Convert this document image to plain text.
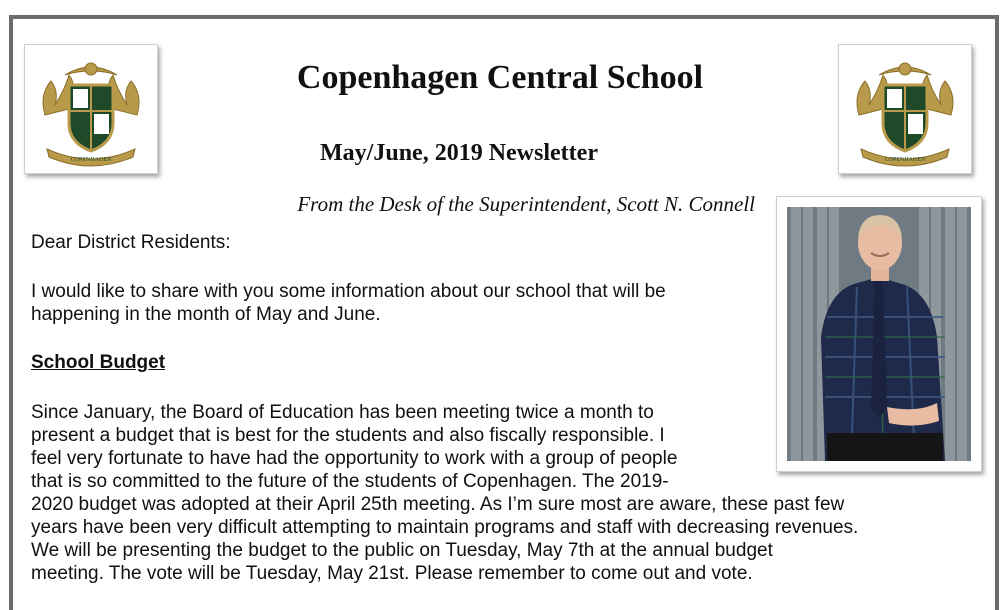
COPENHAGEN	COPENHAGEN
Copenhagen Central School
May/June, 2019 Newsletter
From the Desk of the Superintendent, Scott N. Connell
Dear District Residents:
I would like to share with you some information about our school that will be
happening in the month of May and June.
School Budget
Since January, the Board of Education has been meeting twice a month to
present a budget that is best for the students and also fiscally responsible. I
feel very fortunate to have had the opportunity to work with a group of people
that is so committed to the future of the students of Copenhagen. The 2019-
2020 budget was adopted at their April 25th meeting. As I’m sure most are aware, these past few
years have been very difficult attempting to maintain programs and staff with decreasing revenues.
We will be presenting the budget to the public on Tuesday, May 7th at the annual budget
meeting. The vote will be Tuesday, May 21st. Please remember to come out and vote.
